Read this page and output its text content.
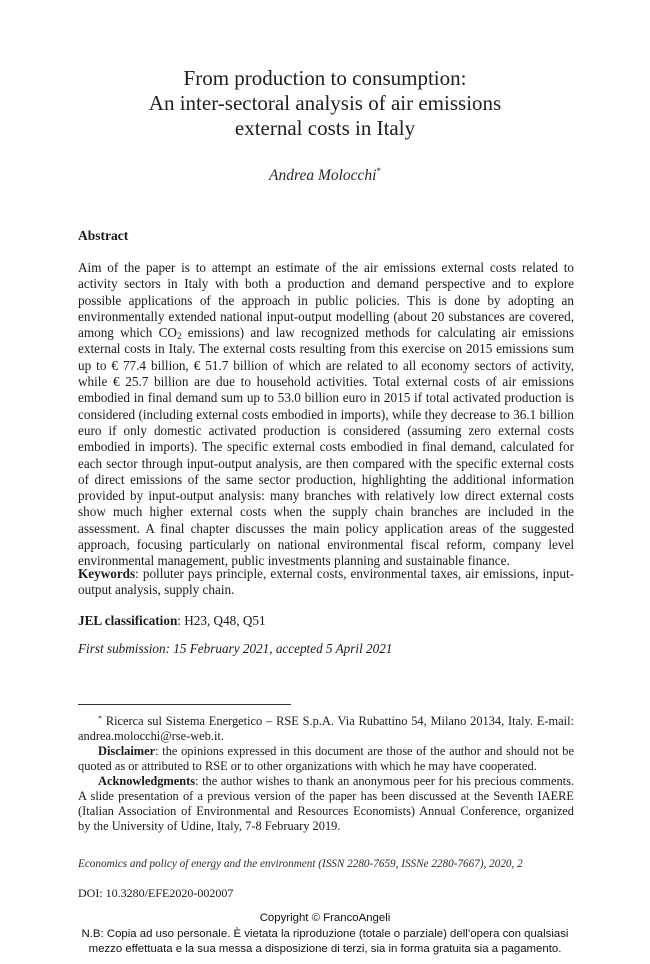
From production to consumption:
An inter-sectoral analysis of air emissions
external costs in Italy
Andrea Molocchi*
Abstract
Aim of the paper is to attempt an estimate of the air emissions external costs related to activity sectors in Italy with both a production and demand perspective and to explore possible applications of the approach in public policies. This is done by adopting an environmentally extended national input-output modelling (about 20 substances are covered, among which $CO_2$ emissions) and law recognized methods for calculating air emissions external costs in Italy. The external costs resulting from this exercise on 2015 emissions sum up to € 77.4 billion, € 51.7 billion of which are related to all economy sectors of activity, while € 25.7 billion are due to household activities. Total external costs of air emissions embodied in final demand sum up to 53.0 billion euro in 2015 if total activated production is considered (including external costs embodied in imports), while they decrease to 36.1 billion euro if only domestic activated production is considered (assuming zero external costs embodied in imports). The specific external costs embodied in final demand, calculated for each sector through input-output analysis, are then compared with the specific external costs of direct emissions of the same sector production, highlighting the additional information provided by input-output analysis: many branches with relatively low direct external costs show much higher external costs when the supply chain branches are included in the assessment. A final chapter discusses the main policy application areas of the suggested approach, focusing particularly on national environmental fiscal reform, company level environmental management, public investments planning and sustainable finance.
Keywords: polluter pays principle, external costs, environmental taxes, air emissions, input-output analysis, supply chain.
JEL classification: H23, Q48, Q51
First submission: 15 February 2021, accepted 5 April 2021

* Ricerca sul Sistema Energetico – RSE S.p.A. Via Rubattino 54, Milano 20134, Italy. E-mail: andrea.molocchi@rse-web.it.

Disclaimer: the opinions expressed in this document are those of the author and should not be quoted as or attributed to RSE or to other organizations with which he may have cooperated.

Acknowledgments: the author wishes to thank an anonymous peer for his precious comments. A slide presentation of a previous version of the paper has been discussed at the Seventh IAERE (Italian Association of Environmental and Resources Economists) Annual Conference, organized by the University of Udine, Italy, 7-8 February 2019.

Economics and policy of energy and the environment (ISSN 2280-7659, ISSNe 2280-7667), 2020, 2
DOI: 10.3280/EFE2020-002007
Copyright © FrancoAngeli
N.B: Copia ad uso personale. È vietata la riproduzione (totale o parziale) dell’opera con qualsiasi
mezzo effettuata e la sua messa a disposizione di terzi, sia in forma gratuita sia a pagamento.
